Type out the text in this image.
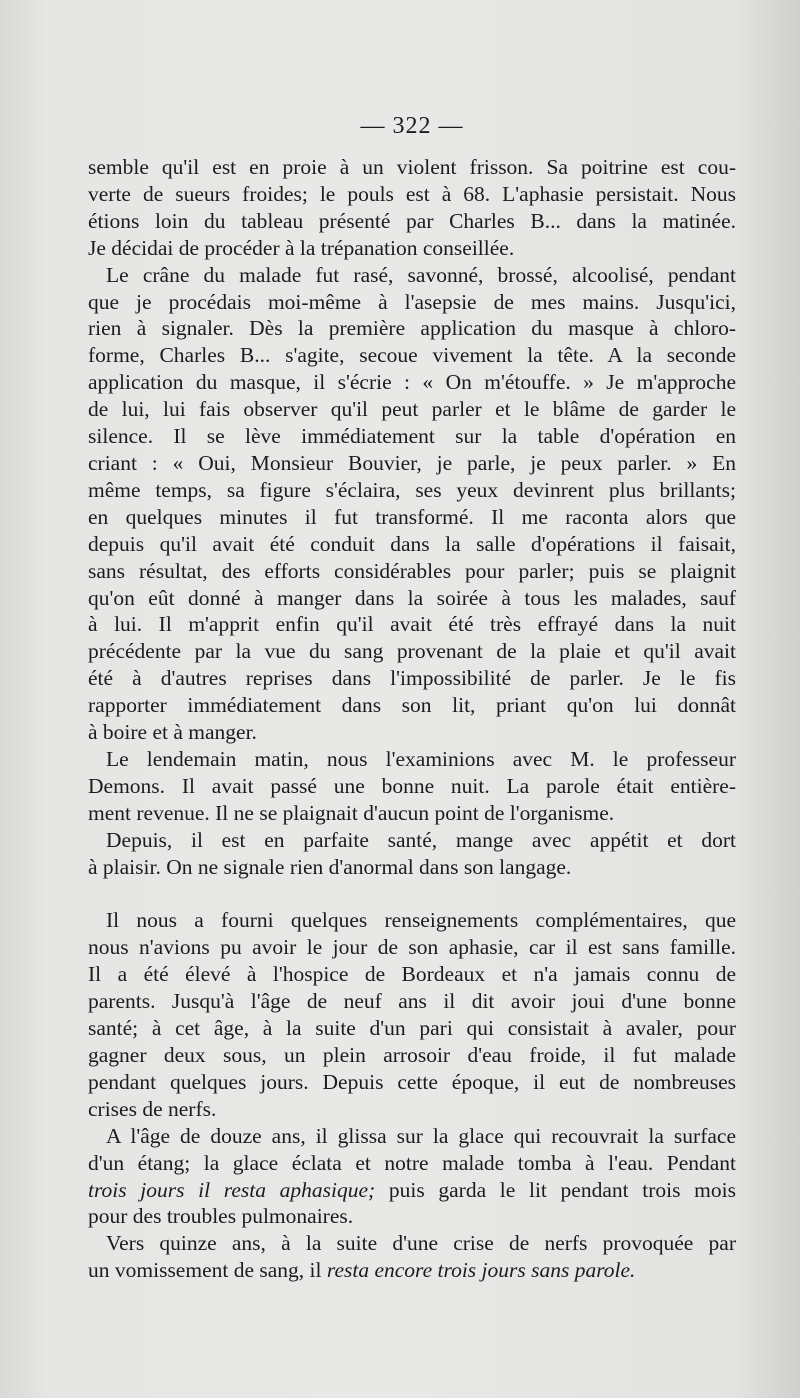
— 322 —

semble qu'il est en proie à un violent frisson. Sa poitrine est cou-
verte de sueurs froides; le pouls est à 68. L'aphasie persistait. Nous
étions loin du tableau présenté par Charles B... dans la matinée.
Je décidai de procéder à la trépanation conseillée.

Le crâne du malade fut rasé, savonné, brossé, alcoolisé, pendant
que je procédais moi-même à l'asepsie de mes mains. Jusqu'ici,
rien à signaler. Dès la première application du masque à chloro-
forme, Charles B... s'agite, secoue vivement la tête. A la seconde
application du masque, il s'écrie : « On m'étouffe. » Je m'approche
de lui, lui fais observer qu'il peut parler et le blâme de garder le
silence. Il se lève immédiatement sur la table d'opération en
criant : « Oui, Monsieur Bouvier, je parle, je peux parler. » En
même temps, sa figure s'éclaira, ses yeux devinrent plus brillants;
en quelques minutes il fut transformé. Il me raconta alors que
depuis qu'il avait été conduit dans la salle d'opérations il faisait,
sans résultat, des efforts considérables pour parler; puis se plaignit
qu'on eût donné à manger dans la soirée à tous les malades, sauf
à lui. Il m'apprit enfin qu'il avait été très effrayé dans la nuit
précédente par la vue du sang provenant de la plaie et qu'il avait
été à d'autres reprises dans l'impossibilité de parler. Je le fis
rapporter immédiatement dans son lit, priant qu'on lui donnât
à boire et à manger.

Le lendemain matin, nous l'examinions avec M. le professeur
Demons. Il avait passé une bonne nuit. La parole était entière-
ment revenue. Il ne se plaignait d'aucun point de l'organisme.

Depuis, il est en parfaite santé, mange avec appétit et dort
à plaisir. On ne signale rien d'anormal dans son langage.

Il nous a fourni quelques renseignements complémentaires, que
nous n'avions pu avoir le jour de son aphasie, car il est sans famille.
Il a été élevé à l'hospice de Bordeaux et n'a jamais connu de
parents. Jusqu'à l'âge de neuf ans il dit avoir joui d'une bonne
santé; à cet âge, à la suite d'un pari qui consistait à avaler, pour
gagner deux sous, un plein arrosoir d'eau froide, il fut malade
pendant quelques jours. Depuis cette époque, il eut de nombreuses
crises de nerfs.

A l'âge de douze ans, il glissa sur la glace qui recouvrait la surface
d'un étang; la glace éclata et notre malade tomba à l'eau. Pendant
trois jours il resta aphasique; puis garda le lit pendant trois mois
pour des troubles pulmonaires.

Vers quinze ans, à la suite d'une crise de nerfs provoquée par
un vomissement de sang, il resta encore trois jours sans parole.
